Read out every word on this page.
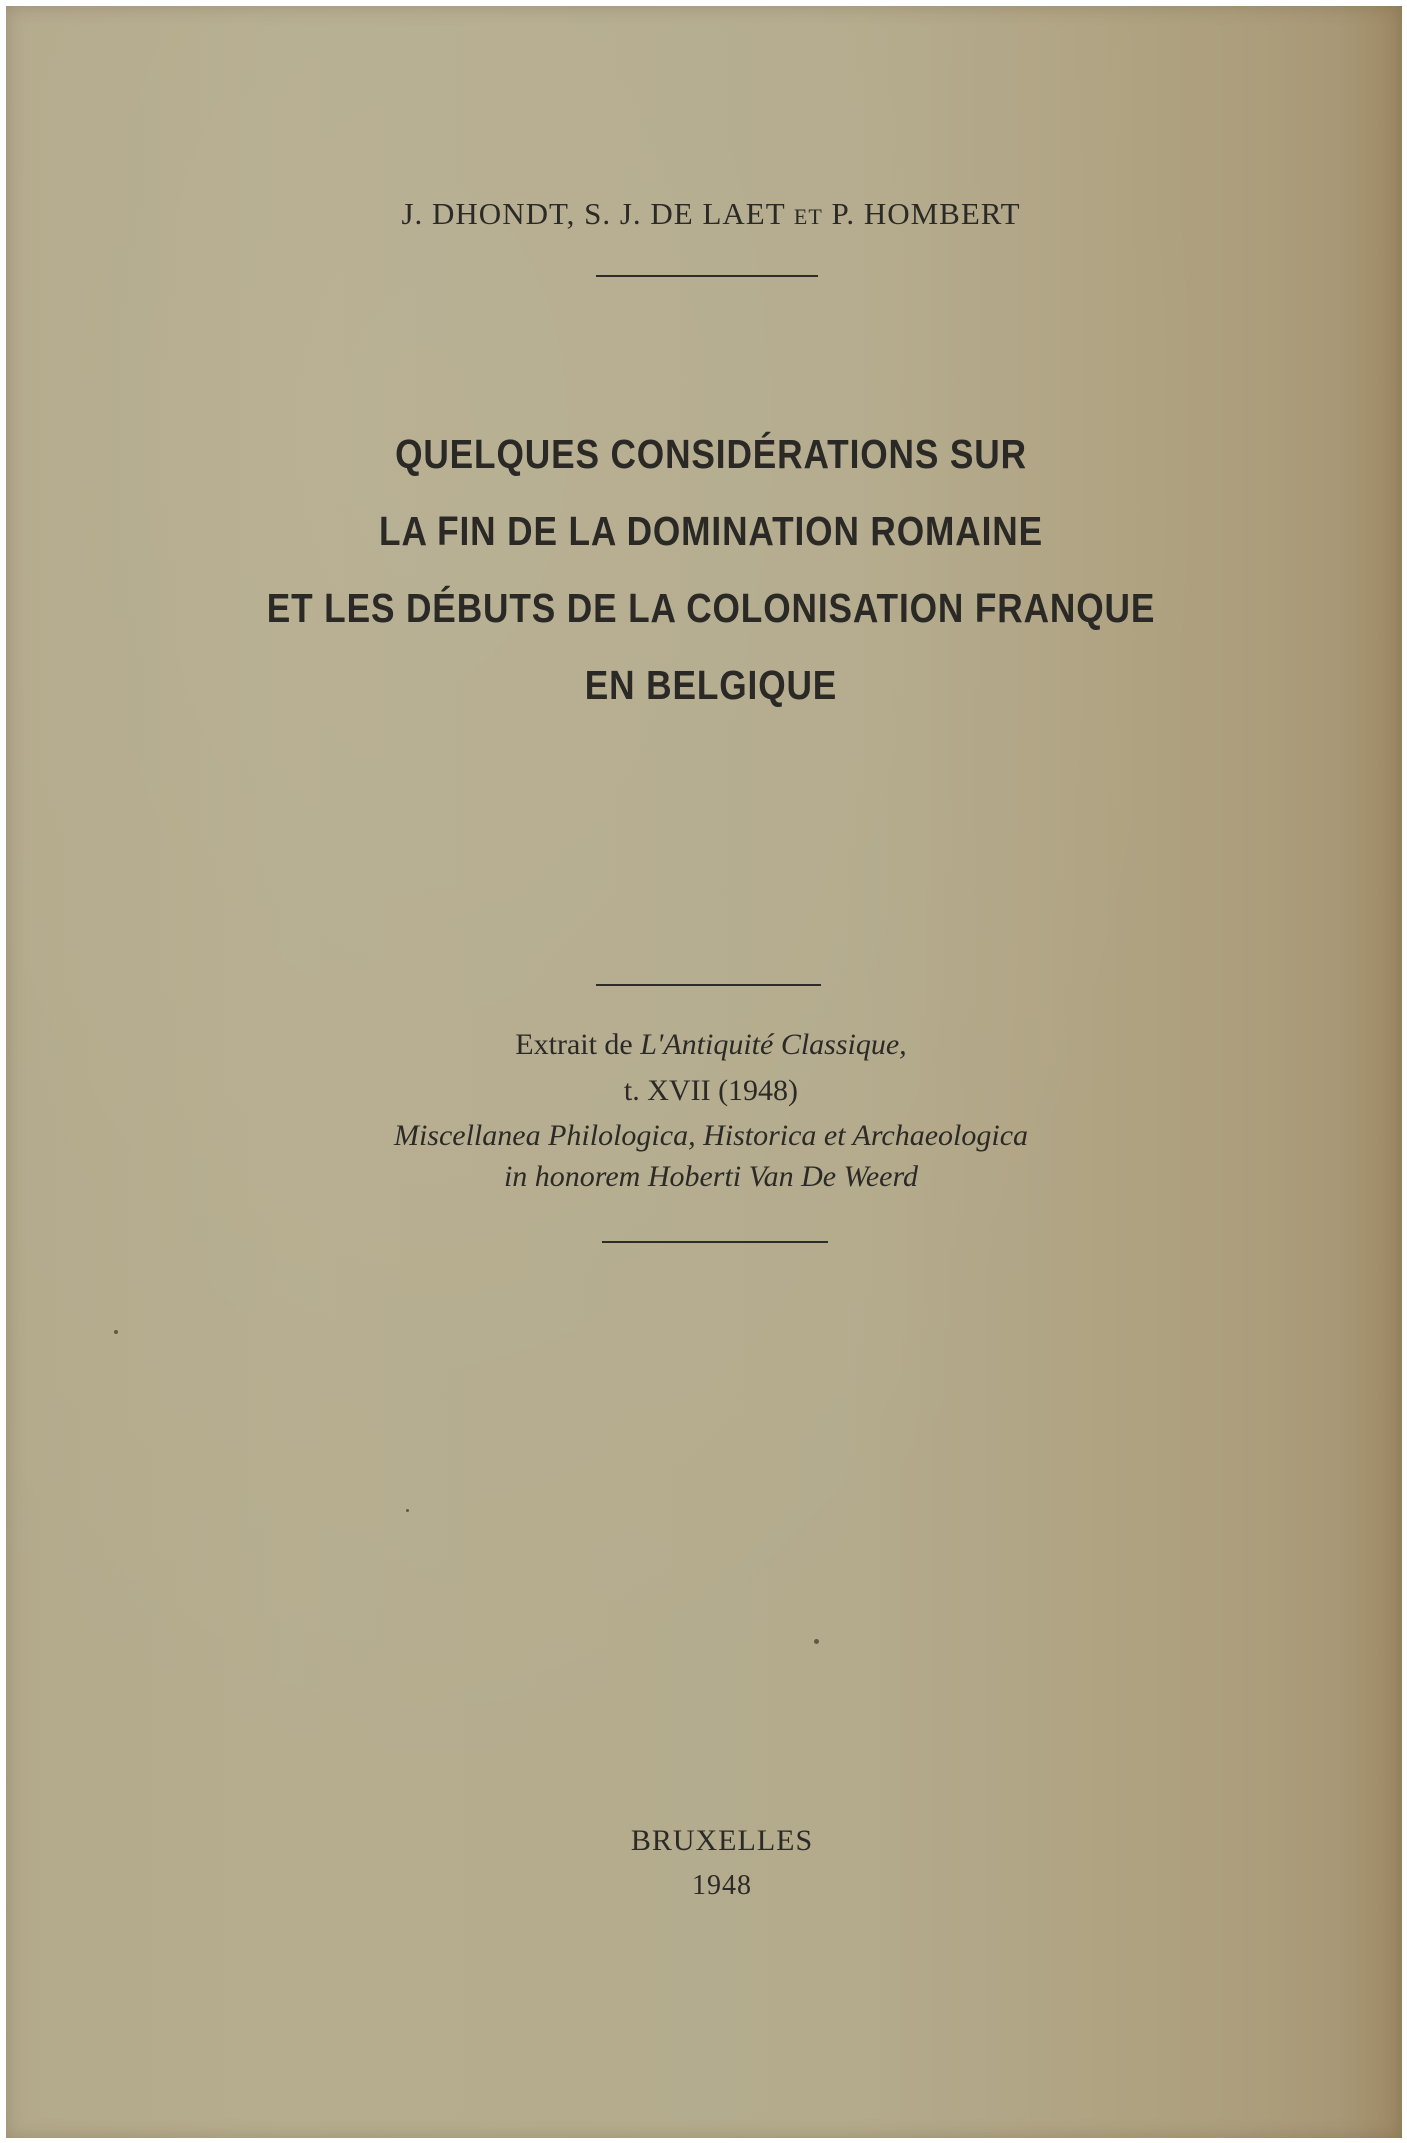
J. DHONDT, S. J. DE LAET ET P. HOMBERT
QUELQUES CONSIDÉRATIONS SUR
LA FIN DE LA DOMINATION ROMAINE
ET LES DÉBUTS DE LA COLONISATION FRANQUE
EN BELGIQUE
Extrait de L'Antiquité Classique,
t. XVII (1948)
Miscellanea Philologica, Historica et Archaeologica
in honorem Hoberti Van De Weerd
BRUXELLES
1948
